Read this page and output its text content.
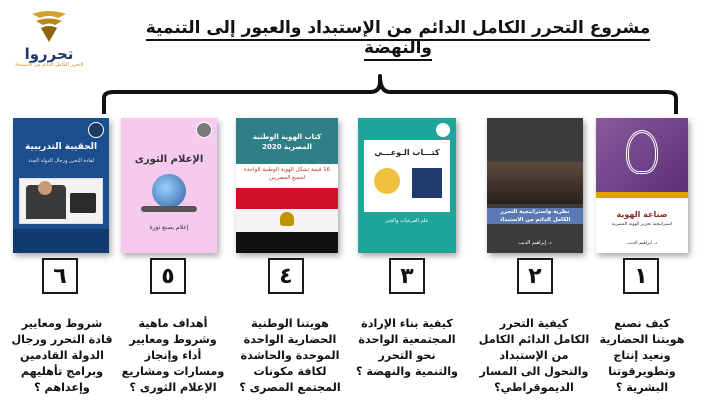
تحرروا
التحرر الكامل الدائم من الاستبداد
مشروع التحرر الكامل الدائم من الإستبداد والعبور إلى التنمية والنهضة
الحقيبة التدريبية
لقادة التحرر ورجال الدولة الجدد	الإعلام الثورى
إعلام يصنع ثورة
كتاب الهوية الوطنية المصرية 2020
16 قيمة تشكل الهوية الوطنية الواحدة لجميع المصريين
كتـــاب الـوعـــي
علم الفرعيات والجبر
نظرية واستراتيجية التحرر الكامل الدائم من الاستبداد
د. إبراهيم الديب
صناعة الهوية
استراتيجية تحرير الهوية المصرية
د. ابراهيم الديب
٦	٥	٤	٣	٢	١
شروط ومعايير
قادة التحرر ورجال
الدولة القادمين
وبرامج تأهليهم
وإعداهم ؟
أهداف ماهية
وشروط ومعايير
أداء وإنجاز
ومسارات ومشاريع
الإعلام الثورى ؟
هويتنا الوطنية
الحضارية الواحدة
الموحدة والحاشدة
لكافة مكونات
المجتمع المصرى ؟
كيفية بناء الإرادة
المجتمعية الواحدة
نحو التحرر
والتنمية والنهضة ؟
كيفية التحرر
الكامل الدائم الكامل
من الإستبداد
والتحول الى المسار
الديموقراطي؟
كيف نصنع
هويتنا الحضارية
ونعيد إنتاج
وتطويرقوتنا
البشرية ؟
